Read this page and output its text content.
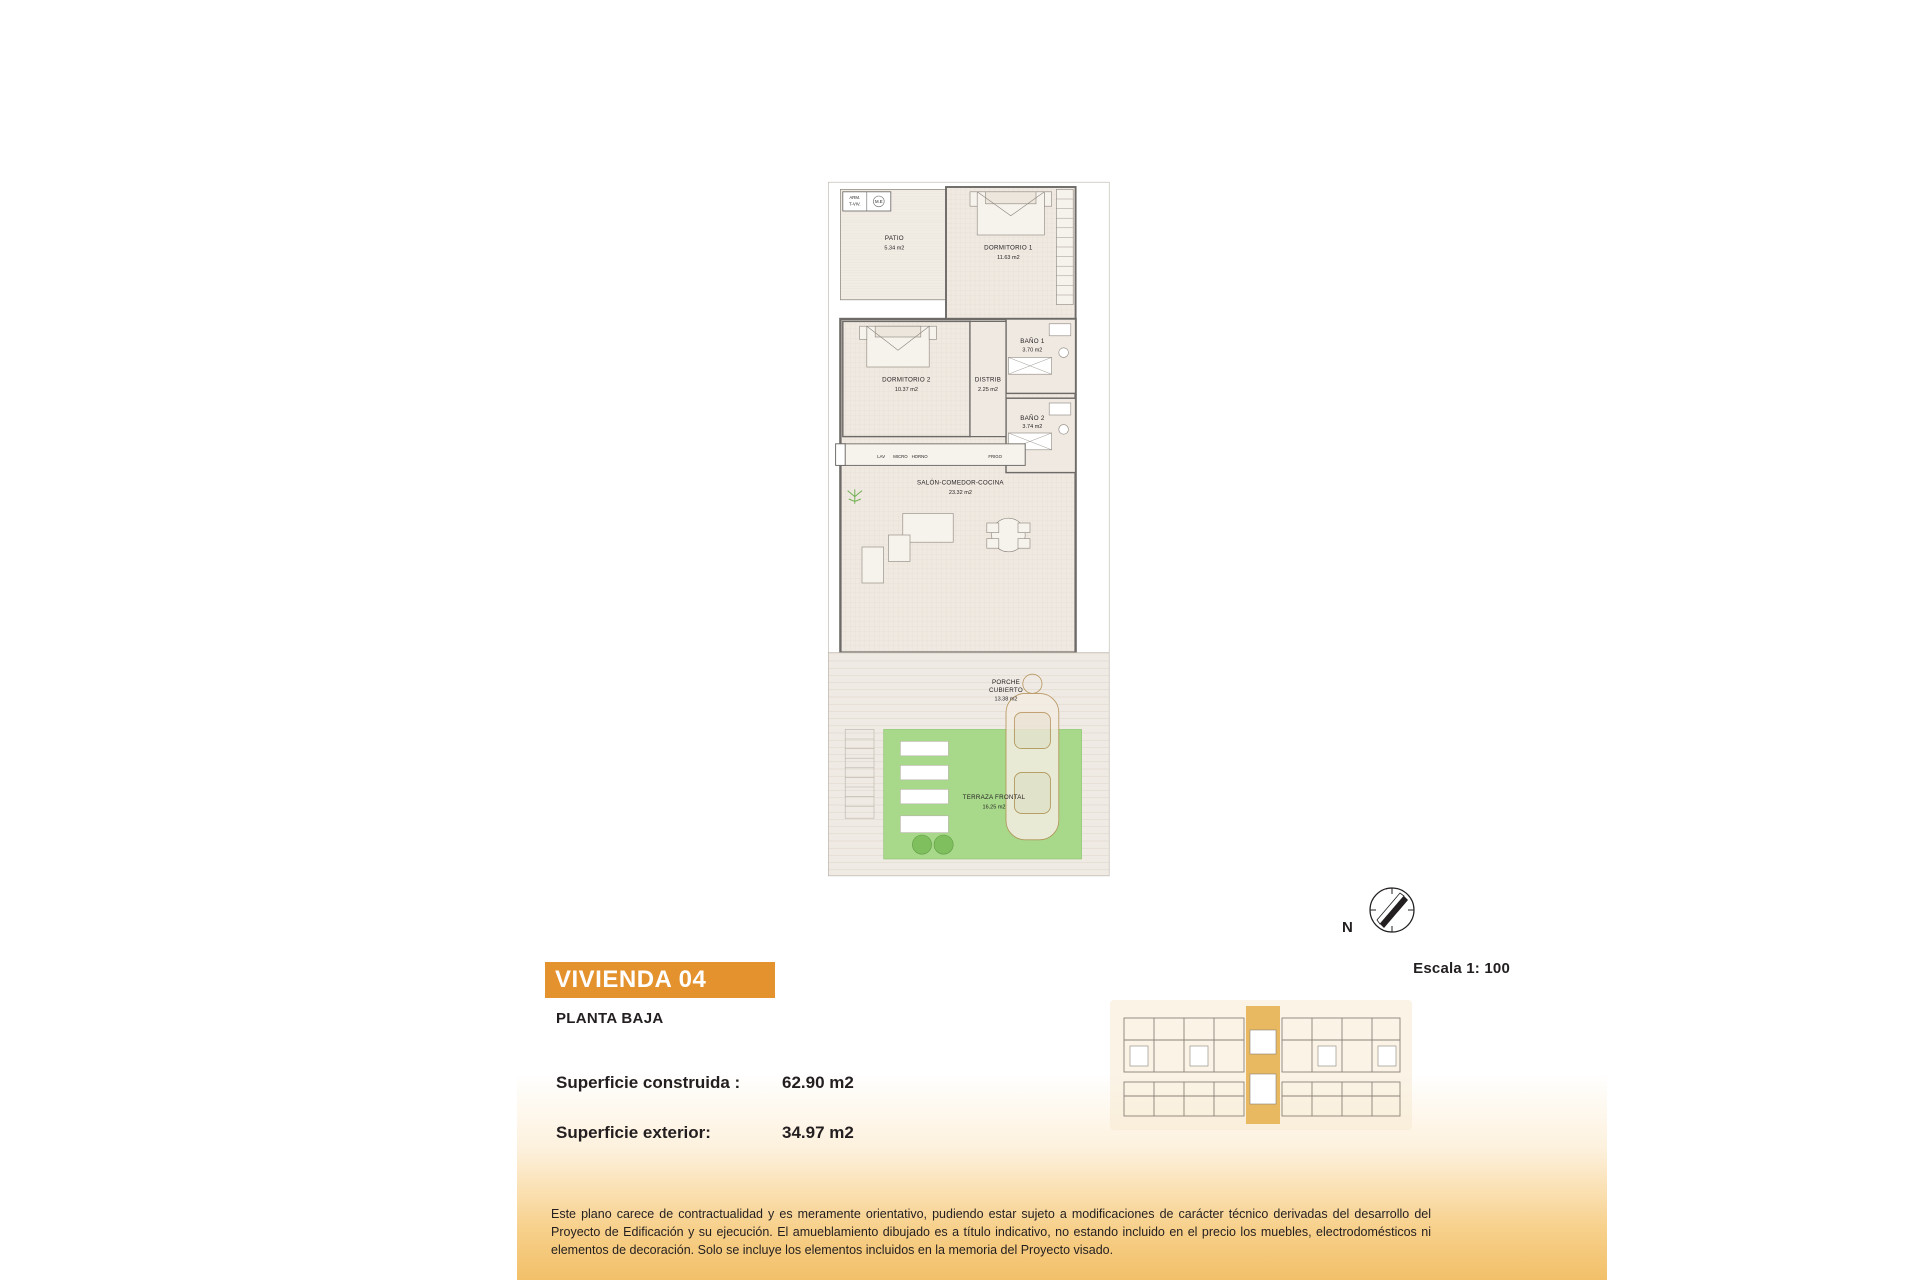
ARM.
T-VIV.	M.E
PATIO
5.34 m2	DORMITORIO 1
11.63 m2
LAV MICRO HORNO	FRIGO
DORMITORIO 2
10.37 m2
DISTRIB
2.25 m2
BAÑO 1
3.70 m2
BAÑO 2
3.74 m2
SALÓN-COMEDOR-COCINA
23.32 m2
PORCHE
CUBIERTO
13.38 m2
TERRAZA FRONTAL
16.25 m2
N
Escala 1: 100
VIVIENDA 04
PLANTA BAJA
Superficie construida : 62.90 m2
Superficie exterior:	34.97 m2
Este plano carece de contractualidad y es meramente orientativo, pudiendo estar sujeto a modificaciones de carácter técnico derivadas del desarrollo del Proyecto de Edificación y su ejecución. El amueblamiento dibujado es a título indicativo, no estando incluido en el precio los muebles, electrodomésticos ni elementos de decoración. Solo se incluye los elementos incluidos en la memoria del Proyecto visado.
